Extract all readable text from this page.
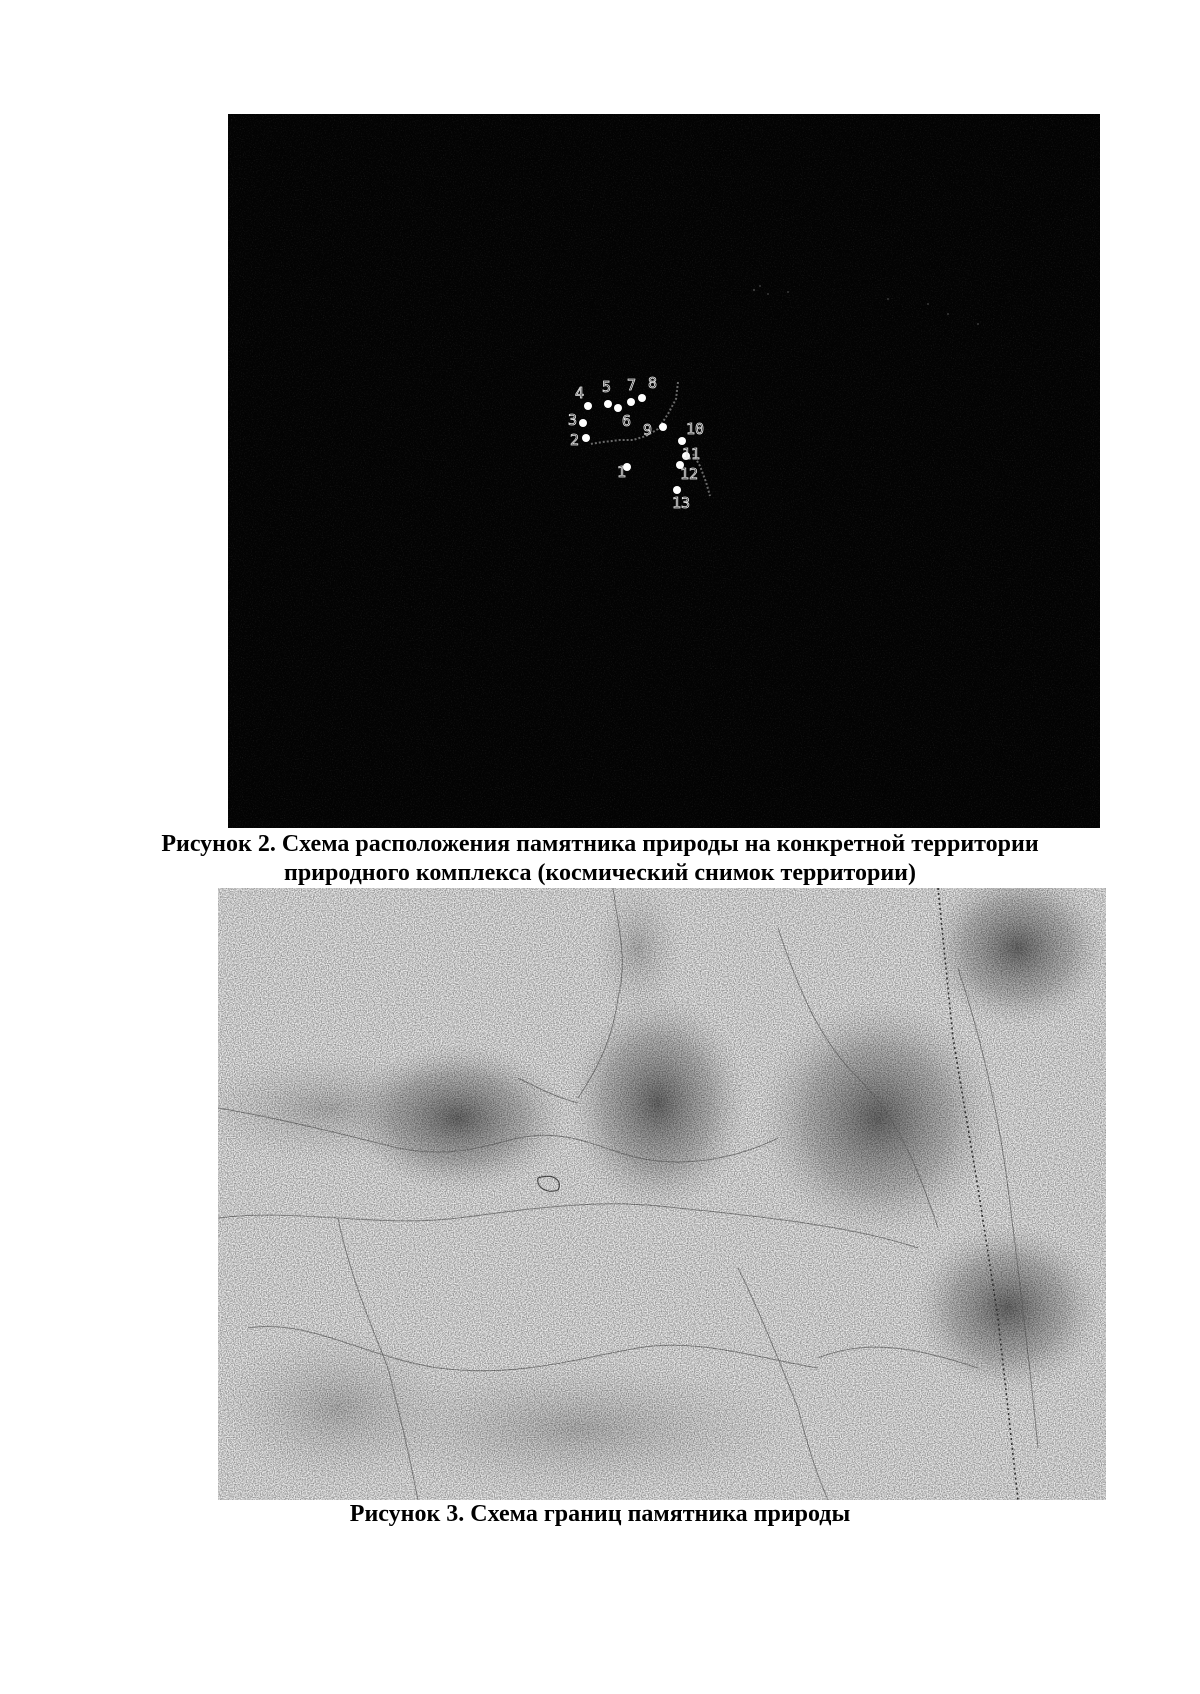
1
2
3
4 5
6
7 8
9 10
11
12
13
Рисунок 2. Схема расположения памятника природы на конкретной территории
природного комплекса (космический снимок территории)
Рисунок 3. Схема границ памятника природы
